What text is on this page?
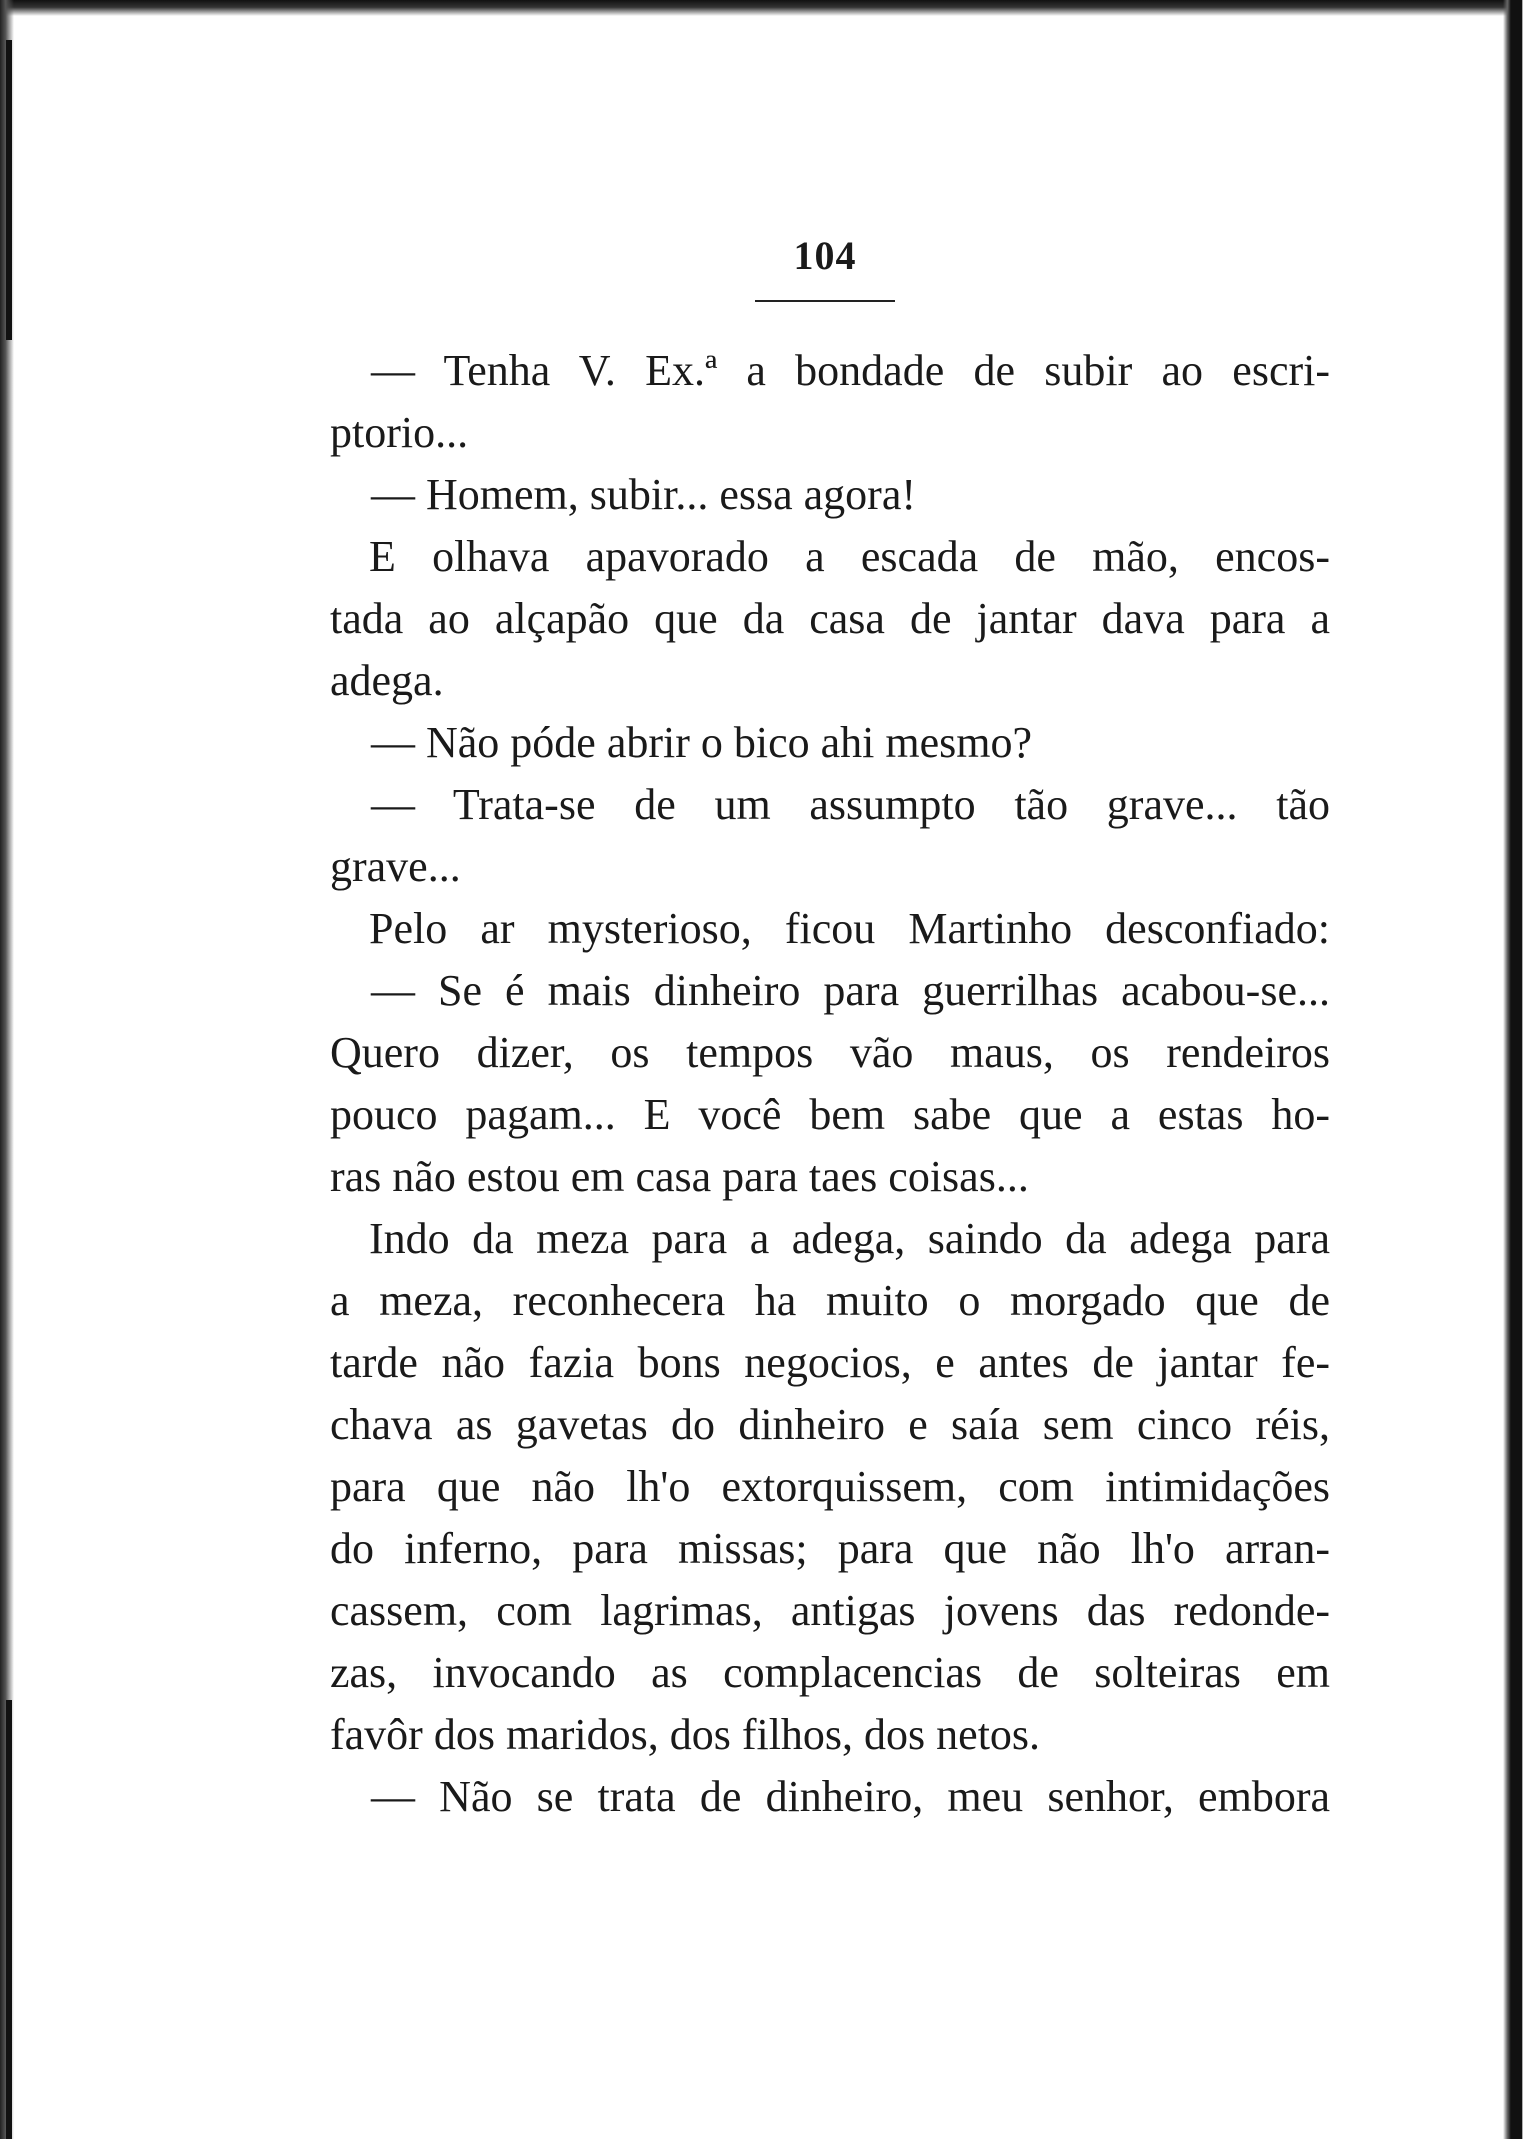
104
— Tenha V. Ex.ª a bondade de subir ao escri-
ptorio...
— Homem, subir... essa agora!
E olhava apavorado a escada de mão, encos-
tada ao alçapão que da casa de jantar dava para a
adega.
— Não póde abrir o bico ahi mesmo?
— Trata-se de um assumpto tão grave... tão
grave...
Pelo ar mysterioso, ficou Martinho desconfiado:
— Se é mais dinheiro para guerrilhas acabou-se...
Quero dizer, os tempos vão maus, os rendeiros
pouco pagam... E você bem sabe que a estas ho-
ras não estou em casa para taes coisas...
Indo da meza para a adega, saindo da adega para
a meza, reconhecera ha muito o morgado que de
tarde não fazia bons negocios, e antes de jantar fe-
chava as gavetas do dinheiro e saía sem cinco réis,
para que não lh'o extorquissem, com intimidações
do inferno, para missas; para que não lh'o arran-
cassem, com lagrimas, antigas jovens das redonde-
zas, invocando as complacencias de solteiras em
favôr dos maridos, dos filhos, dos netos.
— Não se trata de dinheiro, meu senhor, embora
